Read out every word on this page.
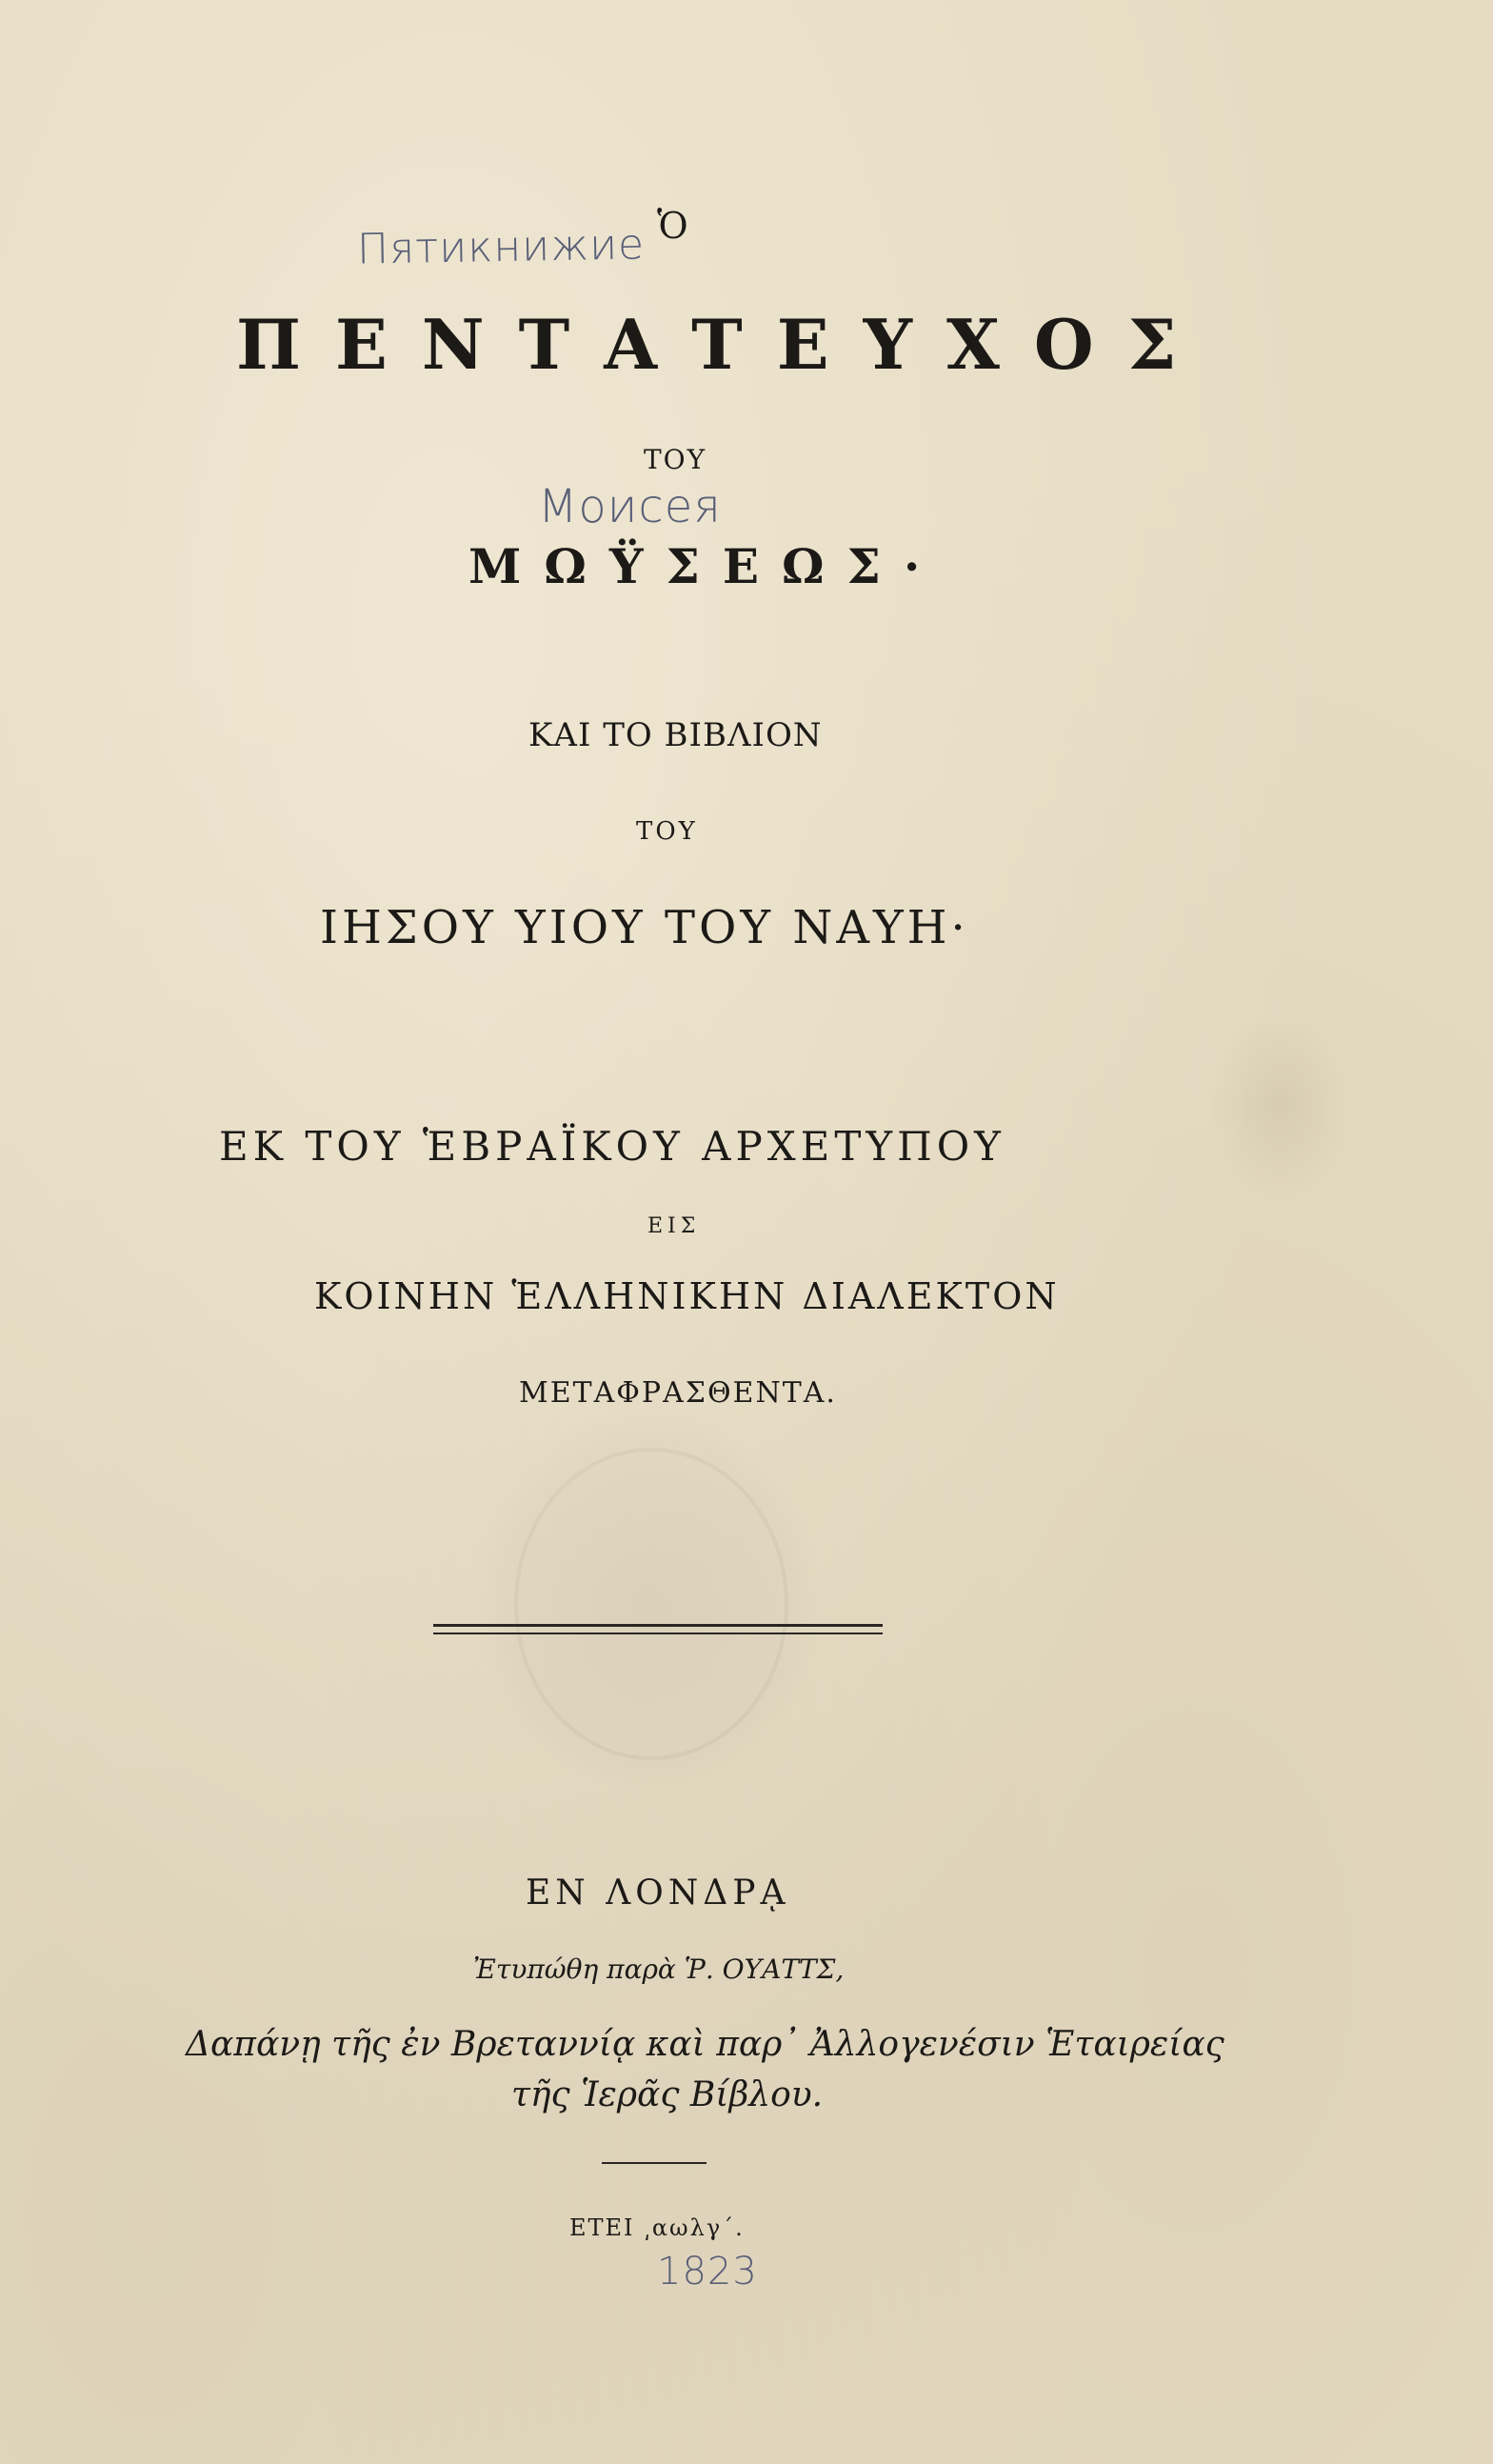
Пятикнижие
Моисея
1823
Ὁ
ΠΕΝΤΑΤΕΥΧΟΣ
ΤΟΥ
ΜΩΫΣΕΩΣ·
ΚΑΙ ΤΟ ΒΙΒΛΙΟΝ
ΤΟΥ
ΙΗΣΟΥ ΥΙΟΥ ΤΟΥ ΝΑΥΗ·
ΕΚ ΤΟΥ ἙΒΡΑΪΚΟΥ ΑΡΧΕΤΥΠΟΥ
ΕΙΣ
ΚΟΙΝΗΝ ἙΛΛΗΝΙΚΗΝ ΔΙΑΛΕΚΤΟΝ
ΜΕΤΑΦΡΑΣΘΕΝΤΑ.
ΕΝ ΛΟΝΔΡᾼ
Ἐτυπώθη παρὰ Ῥ. ΟΥΑΤΤΣ,
Δαπάνῃ τῆς ἐν Βρεταννίᾳ καὶ παρ᾽ Ἀλλογενέσιν Ἑταιρείας
τῆς Ἱερᾶς Βίβλου.
ΕΤΕΙ ͵αωλγ΄.
